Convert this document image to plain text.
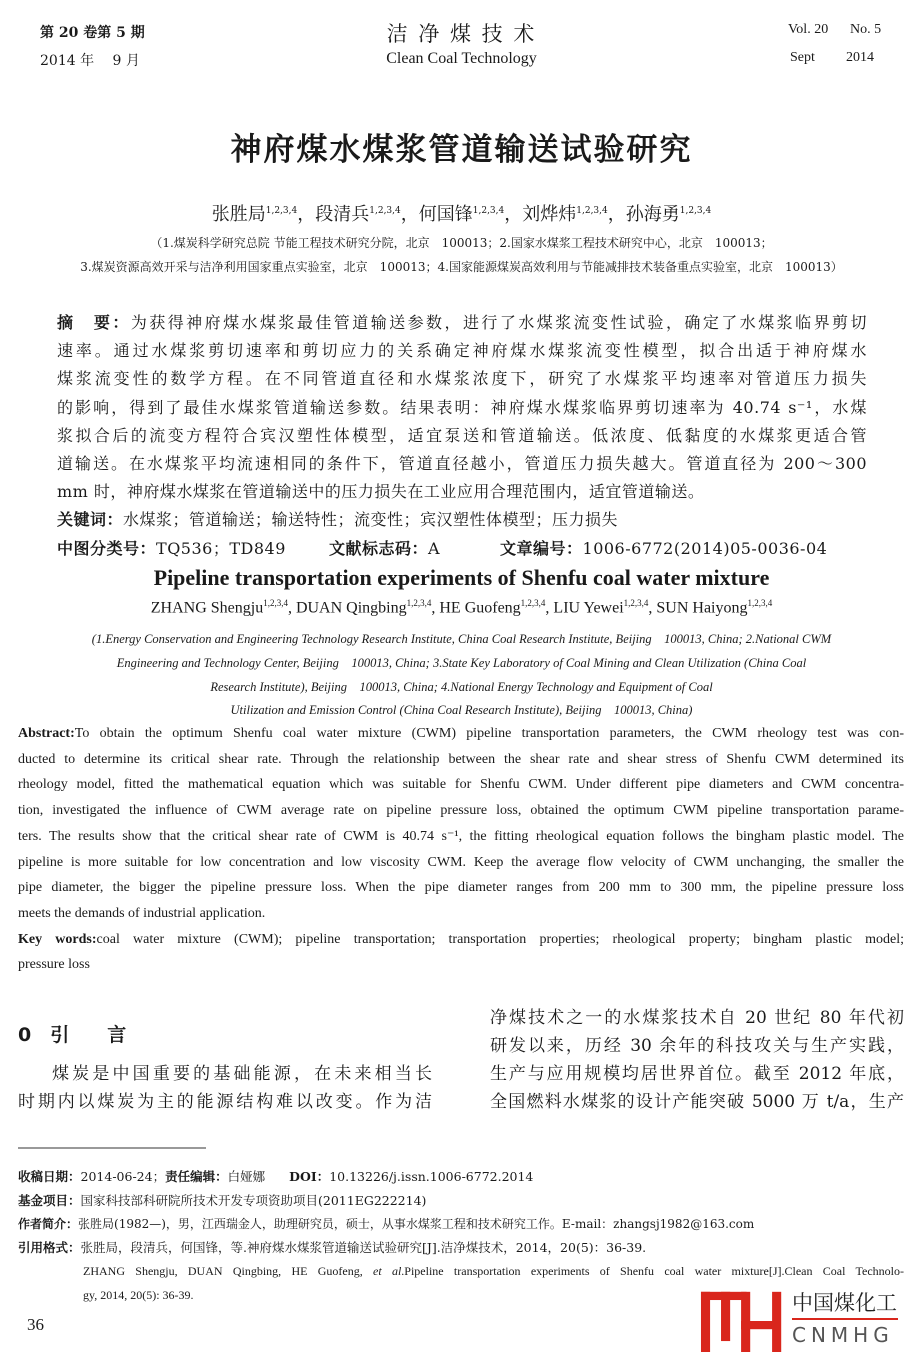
第 20 卷第 5 期
2014 年　 9 月
洁 净 煤 技 术
Clean Coal Technology
Vol. 20 No. 5
Sept 2014
神府煤水煤浆管道输送试验研究
张胜局$^{1,2,3,4}$，段清兵$^{1,2,3,4}$，何国锋$^{1,2,3,4}$，刘烨炜$^{1,2,3,4}$，孙海勇$^{1,2,3,4}$
（1.煤炭科学研究总院 节能工程技术研究分院，北京　100013；2.国家水煤浆工程技术研究中心，北京　100013；
3.煤炭资源高效开采与洁净利用国家重点实验室，北京　100013；4.国家能源煤炭高效利用与节能减排技术装备重点实验室，北京　100013）
摘　要：为获得神府煤水煤浆最佳管道输送参数，进行了水煤浆流变性试验，确定了水煤浆临界剪切
速率。通过水煤浆剪切速率和剪切应力的关系确定神府煤水煤浆流变性模型，拟合出适于神府煤水
煤浆流变性的数学方程。在不同管道直径和水煤浆浓度下，研究了水煤浆平均速率对管道压力损失
的影响，得到了最佳水煤浆管道输送参数。结果表明：神府煤水煤浆临界剪切速率为 40.74 s⁻¹，水煤
浆拟合后的流变方程符合宾汉塑性体模型，适宜泵送和管道输送。低浓度、低黏度的水煤浆更适合管
道输送。在水煤浆平均流速相同的条件下，管道直径越小，管道压力损失越大。管道直径为 200～300
mm 时，神府煤水煤浆在管道输送中的压力损失在工业应用合理范围内，适宜管道输送。
关键词：水煤浆；管道输送；输送特性；流变性；宾汉塑性体模型；压力损失
中图分类号：TQ536；TD849	文献标志码：A	文章编号：1006-6772(2014)05-0036-04
Pipeline transportation experiments of Shenfu coal water mixture
ZHANG Shengju$^{1,2,3,4}$, DUAN Qingbing$^{1,2,3,4}$, HE Guofeng$^{1,2,3,4}$, LIU Yewei$^{1,2,3,4}$, SUN Haiyong$^{1,2,3,4}$
(1.Energy Conservation and Engineering Technology Research Institute, China Coal Research Institute, Beijing　100013, China; 2.National CWM
Engineering and Technology Center, Beijing　100013, China; 3.State Key Laboratory of Coal Mining and Clean Utilization (China Coal
Research Institute), Beijing　100013, China; 4.National Energy Technology and Equipment of Coal
Utilization and Emission Control (China Coal Research Institute), Beijing　100013, China)
Abstract:To obtain the optimum Shenfu coal water mixture (CWM) pipeline transportation parameters, the CWM rheology test was con-
ducted to determine its critical shear rate. Through the relationship between the shear rate and shear stress of Shenfu CWM determined its
rheology model, fitted the mathematical equation which was suitable for Shenfu CWM. Under different pipe diameters and CWM concentra-
tion, investigated the influence of CWM average rate on pipeline pressure loss, obtained the optimum CWM pipeline transportation parame-
ters. The results show that the critical shear rate of CWM is 40.74 s⁻¹, the fitting rheological equation follows the bingham plastic model. The
pipeline is more suitable for low concentration and low viscosity CWM. Keep the average flow velocity of CWM unchanging, the smaller the
pipe diameter, the bigger the pipeline pressure loss. When the pipe diameter ranges from 200 mm to 300 mm, the pipeline pressure loss
meets the demands of industrial application.
Key words:coal water mixture (CWM); pipeline transportation; transportation properties; rheological property; bingham plastic model;
pressure loss
0　引　　言
煤炭是中国重要的基础能源，在未来相当长
时期内以煤炭为主的能源结构难以改变。作为洁
净煤技术之一的水煤浆技术自 20 世纪 80 年代初
研发以来，历经 30 余年的科技攻关与生产实践，
生产与应用规模均居世界首位。截至 2012 年底，
全国燃料水煤浆的设计产能突破 5000 万 t/a，生产
收稿日期：2014-06-24；责任编辑：白娅娜 DOI：10.13226/j.issn.1006-6772.2014
基金项目：国家科技部科研院所技术开发专项资助项目(2011EG222214)
作者简介：张胜局(1982—)，男，江西瑞金人，助理研究员，硕士，从事水煤浆工程和技术研究工作。E-mail：zhangsj1982@163.com
引用格式：张胜局，段清兵，何国锋，等.神府煤水煤浆管道输送试验研究[J].洁净煤技术，2014，20(5)：36-39.
ZHANG Shengju, DUAN Qingbing, HE Guofeng, et al.Pipeline transportation experiments of Shenfu coal water mixture[J].Clean Coal Technolo-
gy, 2014, 20(5): 36-39.	中国煤化工
CNMHG
36
